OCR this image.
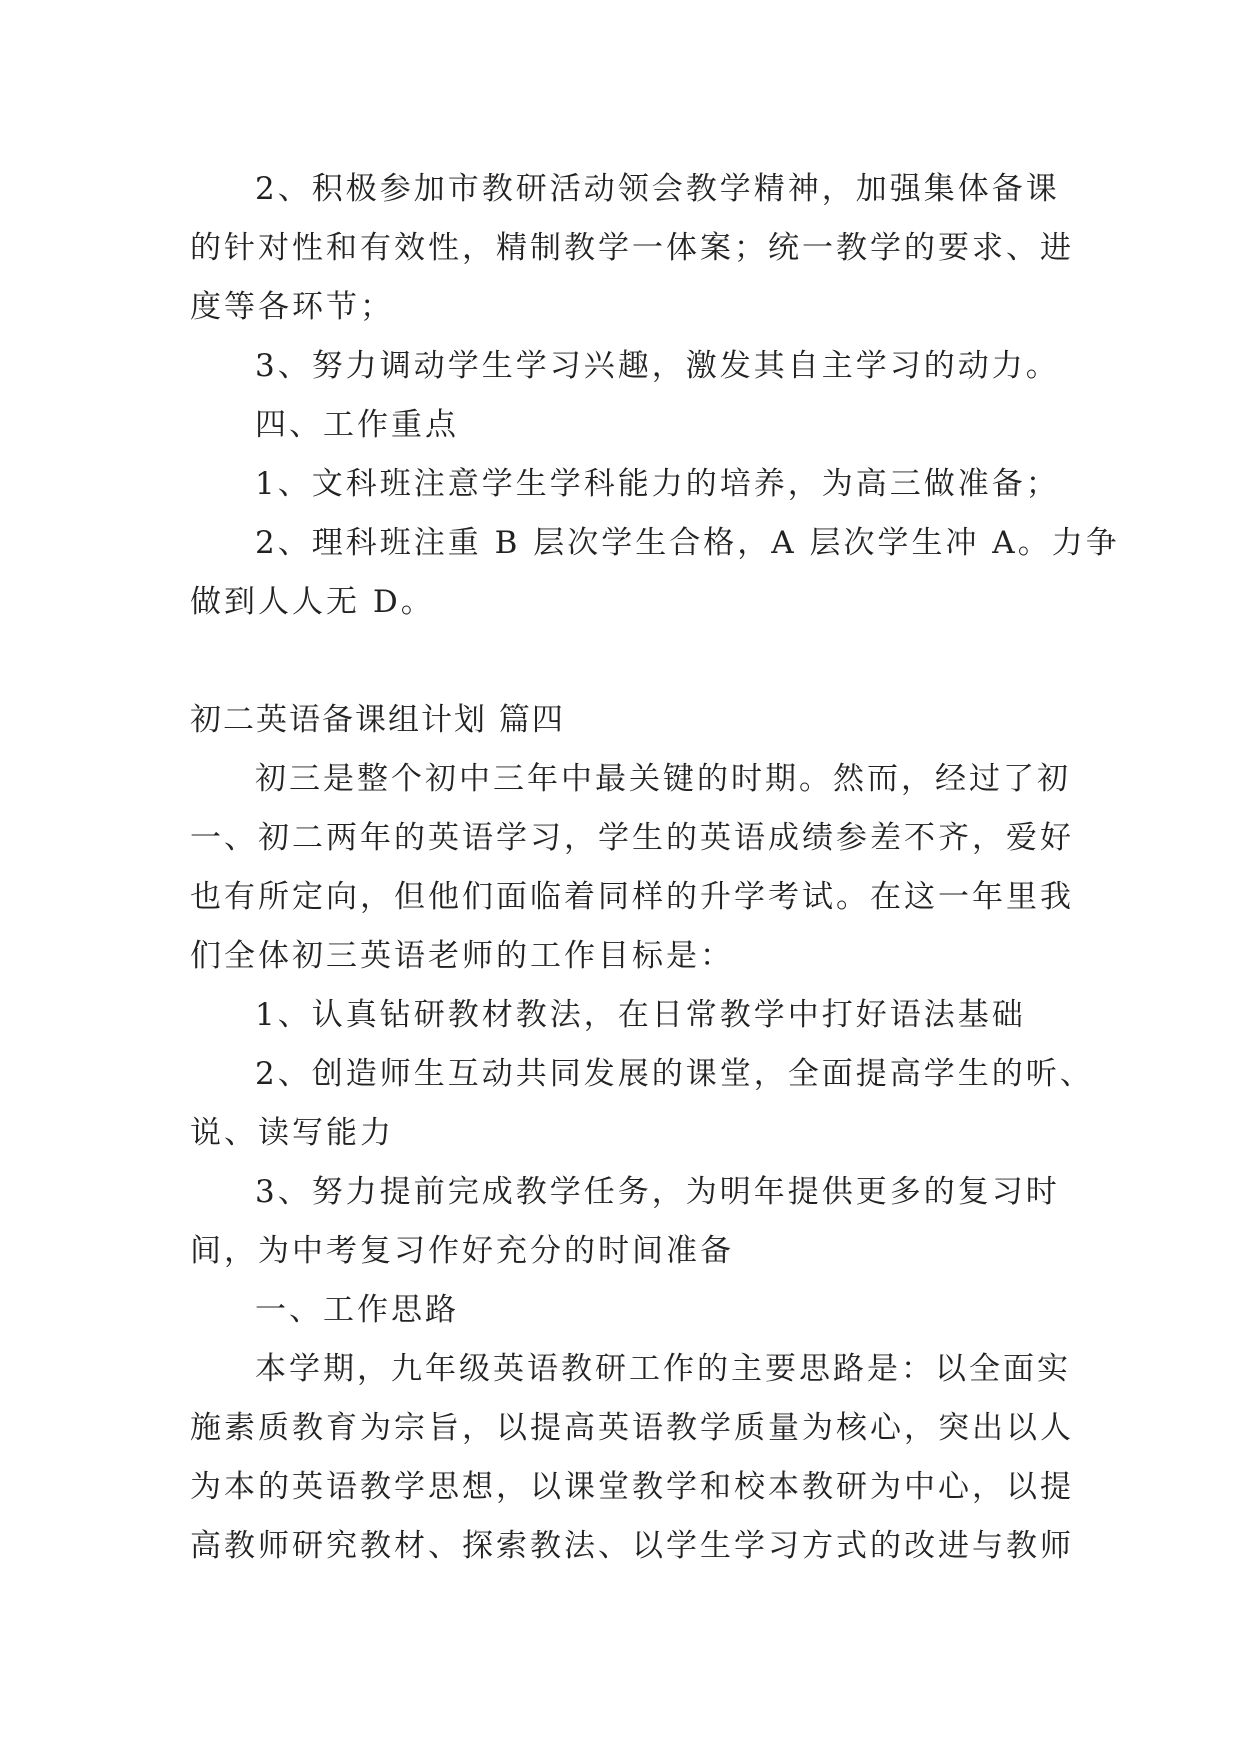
2、积极参加市教研活动领会教学精神，加强集体备课
的针对性和有效性，精制教学一体案；统一教学的要求、进
度等各环节；
3、努力调动学生学习兴趣，激发其自主学习的动力。
四、工作重点
1、文科班注意学生学科能力的培养，为高三做准备；
2、理科班注重 B 层次学生合格，A 层次学生冲 A。力争
做到人人无 D。
初二英语备课组计划 篇四
初三是整个初中三年中最关键的时期。然而，经过了初
一、初二两年的英语学习，学生的英语成绩参差不齐，爱好
也有所定向，但他们面临着同样的升学考试。在这一年里我
们全体初三英语老师的工作目标是：
1、认真钻研教材教法，在日常教学中打好语法基础
2、创造师生互动共同发展的课堂，全面提高学生的听、
说、读写能力
3、努力提前完成教学任务，为明年提供更多的复习时
间，为中考复习作好充分的时间准备
一、工作思路
本学期，九年级英语教研工作的主要思路是：以全面实
施素质教育为宗旨，以提高英语教学质量为核心，突出以人
为本的英语教学思想，以课堂教学和校本教研为中心，以提
高教师研究教材、探索教法、以学生学习方式的改进与教师
